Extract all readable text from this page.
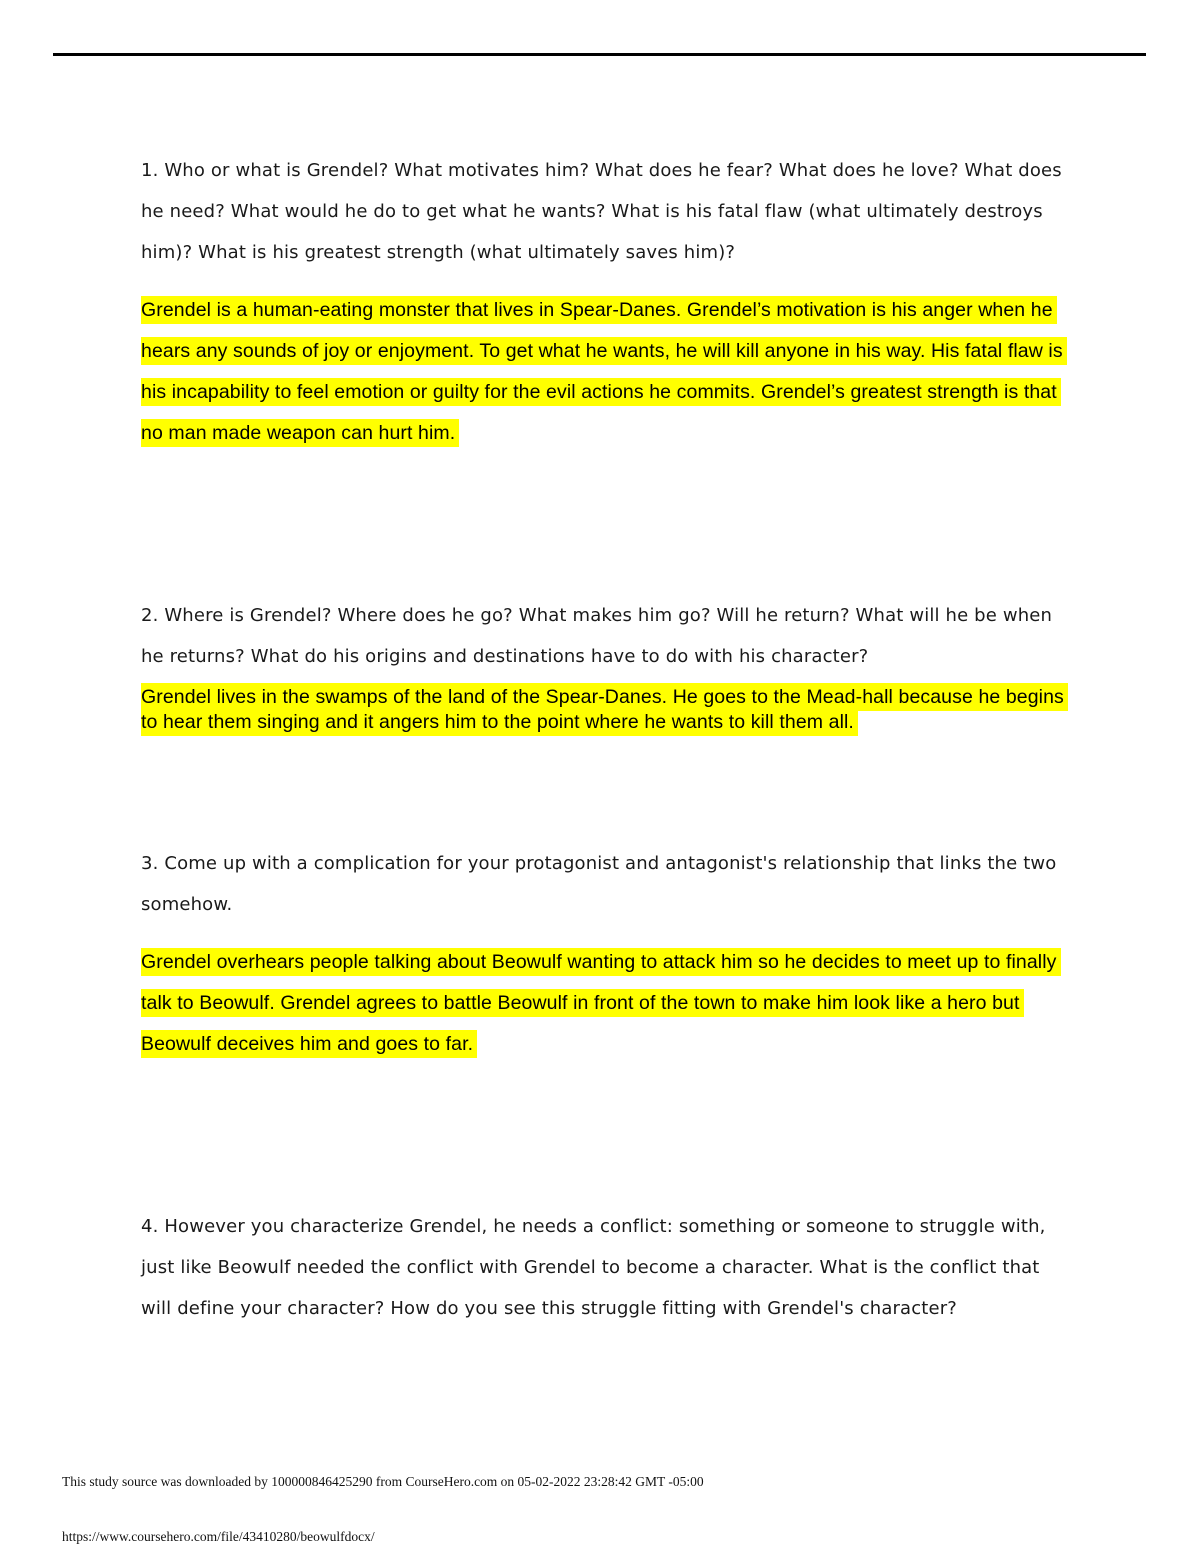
1. Who or what is Grendel? What motivates him? What does he fear? What does he love? What does he need? What would he do to get what he wants? What is his fatal flaw (what ultimately destroys him)? What is his greatest strength (what ultimately saves him)?

Grendel is a human-eating monster that lives in Spear-Danes. Grendel’s motivation is his anger when he hears any sounds of joy or enjoyment. To get what he wants, he will kill anyone in his way. His fatal flaw is his incapability to feel emotion or guilty for the evil actions he commits. Grendel’s greatest strength is that no man made weapon can hurt him.

2. Where is Grendel? Where does he go? What makes him go? Will he return? What will he be when he returns? What do his origins and destinations have to do with his character?

Grendel lives in the swamps of the land of the Spear-Danes. He goes to the Mead-hall because he begins to hear them singing and it angers him to the point where he wants to kill them all.

3. Come up with a complication for your protagonist and antagonist's relationship that links the two somehow.

Grendel overhears people talking about Beowulf wanting to attack him so he decides to meet up to finally talk to Beowulf. Grendel agrees to battle Beowulf in front of the town to make him look like a hero but Beowulf deceives him and goes to far.

4. However you characterize Grendel, he needs a conflict: something or someone to struggle with, just like Beowulf needed the conflict with Grendel to become a character. What is the conflict that will define your character? How do you see this struggle fitting with Grendel's character?

This study source was downloaded by 100000846425290 from CourseHero.com on 05-02-2022 23:28:42 GMT -05:00
https://www.coursehero.com/file/43410280/beowulfdocx/
